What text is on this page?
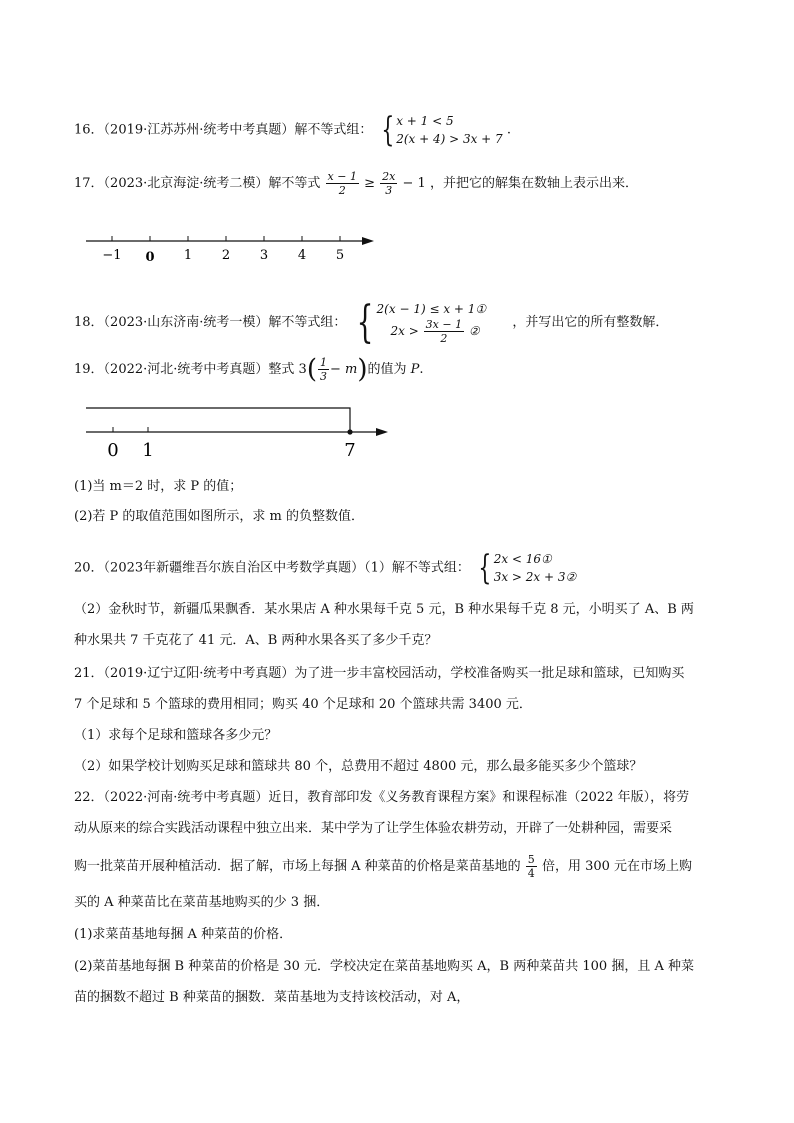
16．（2019·江苏苏州·统考中考真题）解不等式组： { x + 1 < 5
2(x + 4) > 3x + 7
.
17．（2023·北京海淀·统考二模）解不等式 $\frac{x - 1}{2} \ge \frac{2x}{3} - 1$ ，并把它的解集在数轴上表示出来．
−1 0 1 2 3 4 5
18．（2023·山东济南·统考一模）解不等式组： { 2(x − 1) ≤ x + 1①
$2x > \frac{3x - 1}{2}$ ②
，并写出它的所有整数解．
19．（2022·河北·统考中考真题）整式 $3( \frac{1}{3} - m)$的值为 P.
0 1	7
(1)当 m＝2 时，求 P 的值；
(2)若 P 的取值范围如图所示，求 m 的负整数值．
20．（2023年新疆维吾尔族自治区中考数学真题）（1）解不等式组： { 2x < 16①
3x > 2x + 3②
（2）金秋时节，新疆瓜果飘香．某水果店 A 种水果每千克 5 元，B 种水果每千克 8 元，小明买了 A、B 两
种水果共 7 千克花了 41 元．A、B 两种水果各买了多少千克？
21．（2019·辽宁辽阳·统考中考真题）为了进一步丰富校园活动，学校准备购买一批足球和篮球，已知购买
7 个足球和 5 个篮球的费用相同；购买 40 个足球和 20 个篮球共需 3400 元．
（1）求每个足球和篮球各多少元？
（2）如果学校计划购买足球和篮球共 80 个，总费用不超过 4800 元，那么最多能买多少个篮球？
22．（2022·河南·统考中考真题）近日，教育部印发《义务教育课程方案》和课程标准（2022 年版），将劳
动从原来的综合实践活动课程中独立出来．某中学为了让学生体验农耕劳动，开辟了一处耕种园，需要采
购一批菜苗开展种植活动．据了解，市场上每捆 A 种菜苗的价格是菜苗基地的 $\frac{5}{4}$ 倍，用 300 元在市场上购
买的 A 种菜苗比在菜苗基地购买的少 3 捆．
(1)求菜苗基地每捆 A 种菜苗的价格．
(2)菜苗基地每捆 B 种菜苗的价格是 30 元．学校决定在菜苗基地购买 A，B 两种菜苗共 100 捆，且 A 种菜
苗的捆数不超过 B 种菜苗的捆数．菜苗基地为支持该校活动，对 A，
